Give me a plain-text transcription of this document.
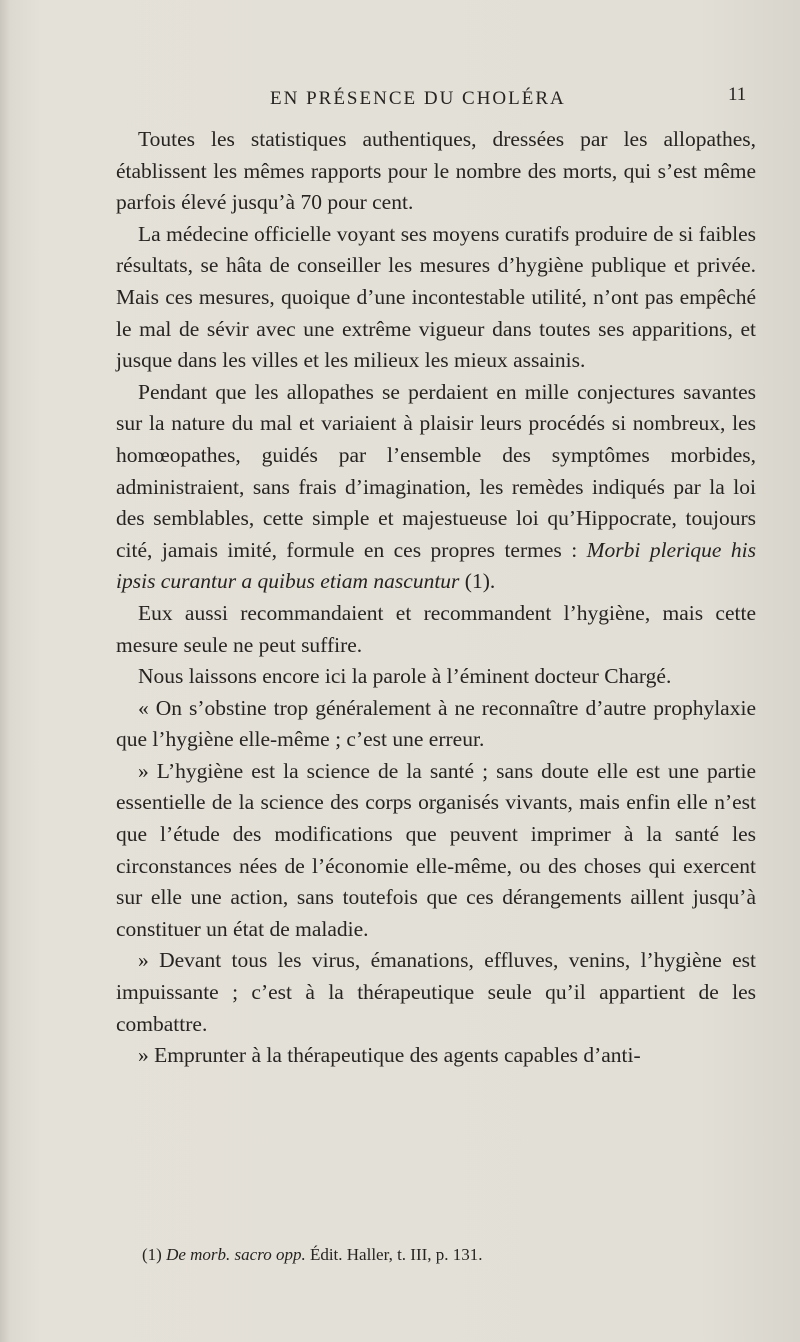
EN PRÉSENCE DU CHOLÉRA	11

Toutes les statistiques authentiques, dressées par les allopathes, établissent les mêmes rapports pour le nombre des morts, qui s’est même parfois élevé jusqu’à 70 pour cent.

La médecine officielle voyant ses moyens curatifs produire de si faibles résultats, se hâta de conseiller les mesures d’hygiène publique et privée. Mais ces mesures, quoique d’une incontestable utilité, n’ont pas empêché le mal de sévir avec une extrême vigueur dans toutes ses apparitions, et jusque dans les villes et les milieux les mieux assainis.

Pendant que les allopathes se perdaient en mille conjectures savantes sur la nature du mal et variaient à plaisir leurs procédés si nombreux, les homœopathes, guidés par l’ensemble des symptômes morbides, administraient, sans frais d’imagination, les remèdes indiqués par la loi des semblables, cette simple et majestueuse loi qu’Hippocrate, toujours cité, jamais imité, formule en ces propres termes : Morbi plerique his ipsis curantur a quibus etiam nascuntur (1).

Eux aussi recommandaient et recommandent l’hygiène, mais cette mesure seule ne peut suffire.

Nous laissons encore ici la parole à l’éminent docteur Chargé.

« On s’obstine trop généralement à ne reconnaître d’autre prophylaxie que l’hygiène elle-même ; c’est une erreur.

» L’hygiène est la science de la santé ; sans doute elle est une partie essentielle de la science des corps organisés vivants, mais enfin elle n’est que l’étude des modifications que peuvent imprimer à la santé les circonstances nées de l’économie elle-même, ou des choses qui exercent sur elle une action, sans toutefois que ces dérangements aillent jusqu’à constituer un état de maladie.

» Devant tous les virus, émanations, effluves, venins, l’hygiène est impuissante ; c’est à la thérapeutique seule qu’il appartient de les combattre.

» Emprunter à la thérapeutique des agents capables d’anti-

(1) De morb. sacro opp. Édit. Haller, t. III, p. 131.
